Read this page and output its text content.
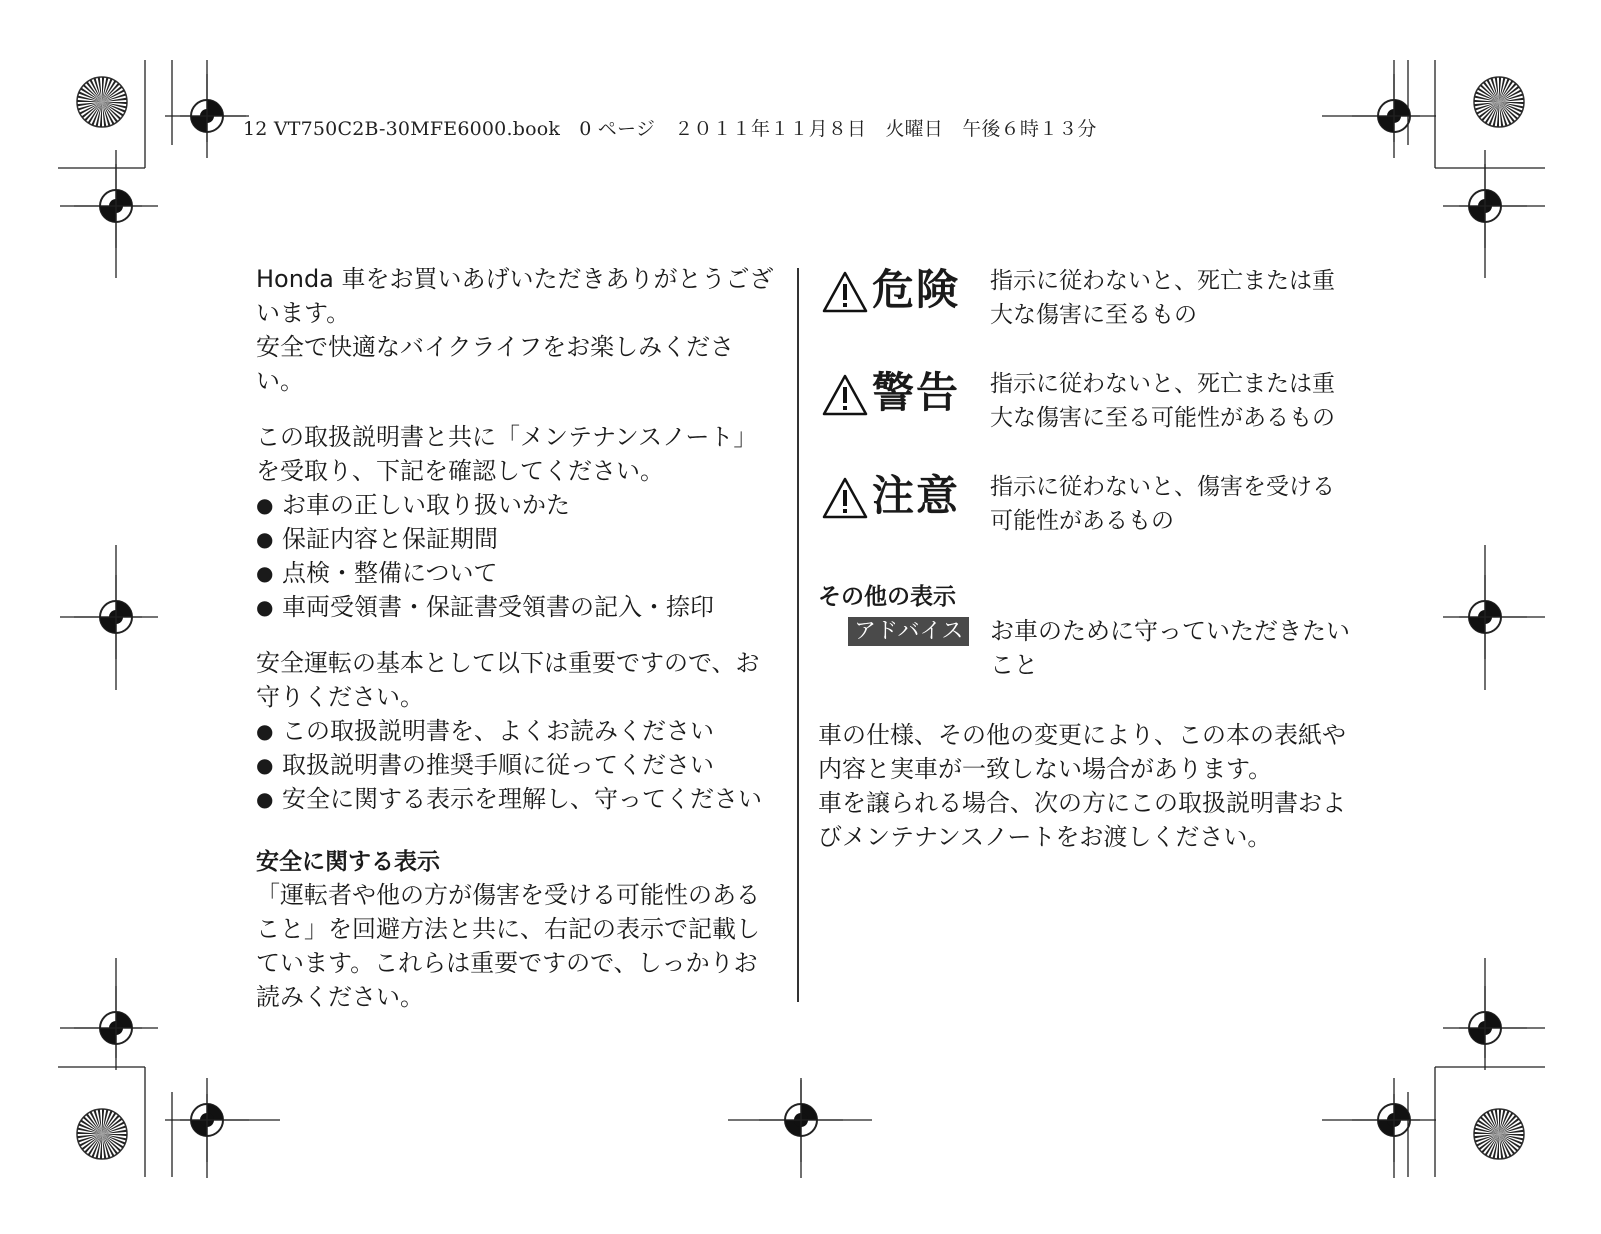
12 VT750C2B-30MFE6000.book　0 ページ　２０１１年１１月８日　火曜日　午後６時１３分

Honda 車をお買いあげいただきありがとうございます。

安全で快適なバイクライフをお楽しみください。

この取扱説明書と共に「メンテナンスノート」を受取り、下記を確認してください。

● お車の正しい取り扱いかた
● 保証内容と保証期間
● 点検・整備について
● 車両受領書・保証書受領書の記入・捺印

安全運転の基本として以下は重要ですので、お守りください。

● この取扱説明書を、よくお読みください
● 取扱説明書の推奨手順に従ってください
● 安全に関する表示を理解し、守ってください

安全に関する表示

「運転者や他の方が傷害を受ける可能性のあること」を回避方法と共に、右記の表示で記載しています。これらは重要ですので、しっかりお読みください。

危険 指示に従わないと、死亡または重大な傷害に至るもの
警告 指示に従わないと、死亡または重大な傷害に至る可能性があるもの
注意 指示に従わないと、傷害を受ける可能性があるもの
その他の表示
アドバイス お車のために守っていただきたいこと

車の仕様、その他の変更により、この本の表紙や内容と実車が一致しない場合があります。

車を譲られる場合、次の方にこの取扱説明書およびメンテナンスノートをお渡しください。
